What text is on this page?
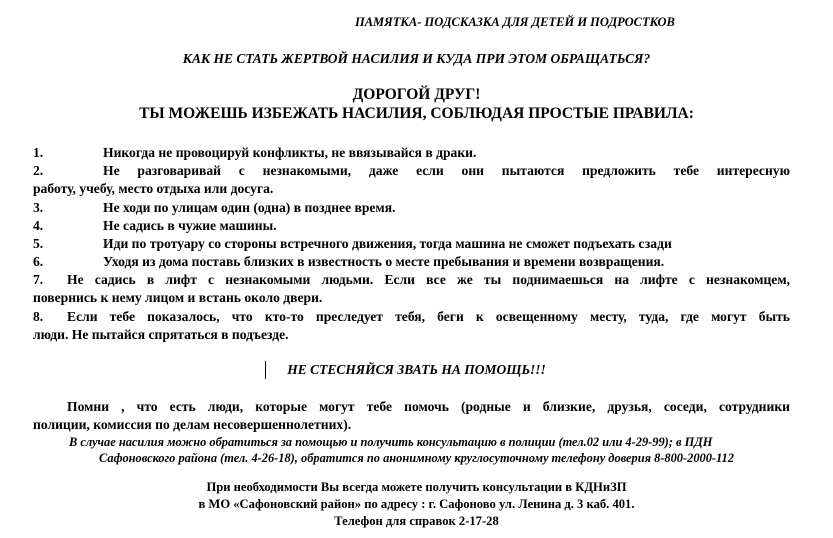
ПАМЯТКА- ПОДСКАЗКА ДЛЯ ДЕТЕЙ И ПОДРОСТКОВ
КАК НЕ СТАТЬ ЖЕРТВОЙ НАСИЛИЯ И КУДА ПРИ ЭТОМ ОБРАЩАТЬСЯ?
ДОРОГОЙ ДРУГ!
ТЫ МОЖЕШЬ ИЗБЕЖАТЬ НАСИЛИЯ, СОБЛЮДАЯ ПРОСТЫЕ ПРАВИЛА:
1.	Никогда не провоцируй конфликты, не ввязывайся в драки.
2.	Не разговаривай с незнакомыми, даже если они пытаются предложить тебе интересную
работу, учебу, место отдыха или досуга.
3.	Не ходи по улицам один (одна) в позднее время.
4.	Не садись в чужие машины.
5.	Иди по тротуару со стороны встречного движения, тогда машина не сможет подъехать сзади
6.	Уходя из дома поставь близких в известность о месте пребывания и времени возвращения.
7. Не садись в лифт с незнакомыми людьми. Если все же ты поднимаешься на лифте с незнакомцем,
повернись к нему лицом и встань около двери.
8. Если тебе показалось, что кто-то преследует тебя, беги к освещенному месту, туда, где могут быть
люди. Не пытайся спрятаться в подъезде.
НЕ СТЕСНЯЙСЯ ЗВАТЬ НА ПОМОЩЬ!!!
Помни , что есть люди, которые могут тебе помочь (родные и близкие, друзья, соседи, сотрудники
полиции, комиссия по делам несовершеннолетних).
В случае насилия можно обратиться за помощью и получить консультацию в полиции (тел.02 или 4-29-99); в ПДН
Сафоновского района (тел. 4-26-18), обратится по анонимному круглосуточному телефону доверия 8-800-2000-112
При необходимости Вы всегда можете получить консультации в КДНиЗП
в МО «Сафоновский район» по адресу : г. Сафоново ул. Ленина д. 3 каб. 401.
Телефон для справок 2-17-28
